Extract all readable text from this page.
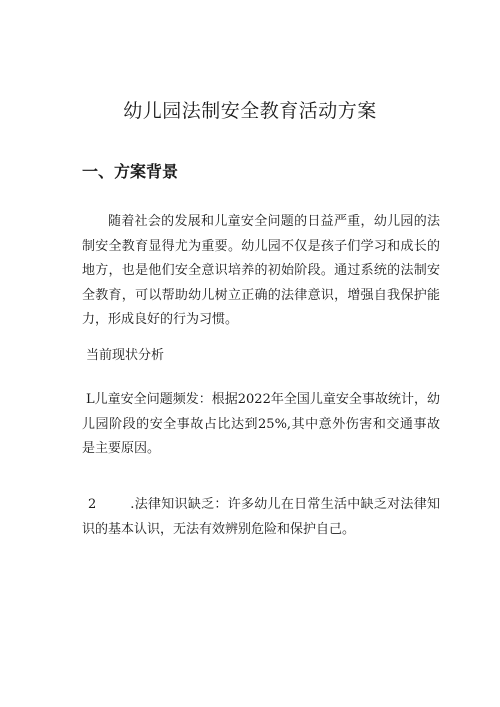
幼儿园法制安全教育活动方案
一、方案背景

随着社会的发展和儿童安全问题的日益严重，幼儿园的法制安全教育显得尤为重要。幼儿园不仅是孩子们学习和成长的地方，也是他们安全意识培养的初始阶段。通过系统的法制安全教育，可以帮助幼儿树立正确的法律意识，增强自我保护能力，形成良好的行为习惯。

当前现状分析

L儿童安全问题频发：根据2022年全国儿童安全事故统计，幼儿园阶段的安全事故占比达到25%,其中意外伤害和交通事故是主要原因。

2	.法律知识缺乏：许多幼儿在日常生活中缺乏对法律知识的基本认识，无法有效辨别危险和保护自己。
